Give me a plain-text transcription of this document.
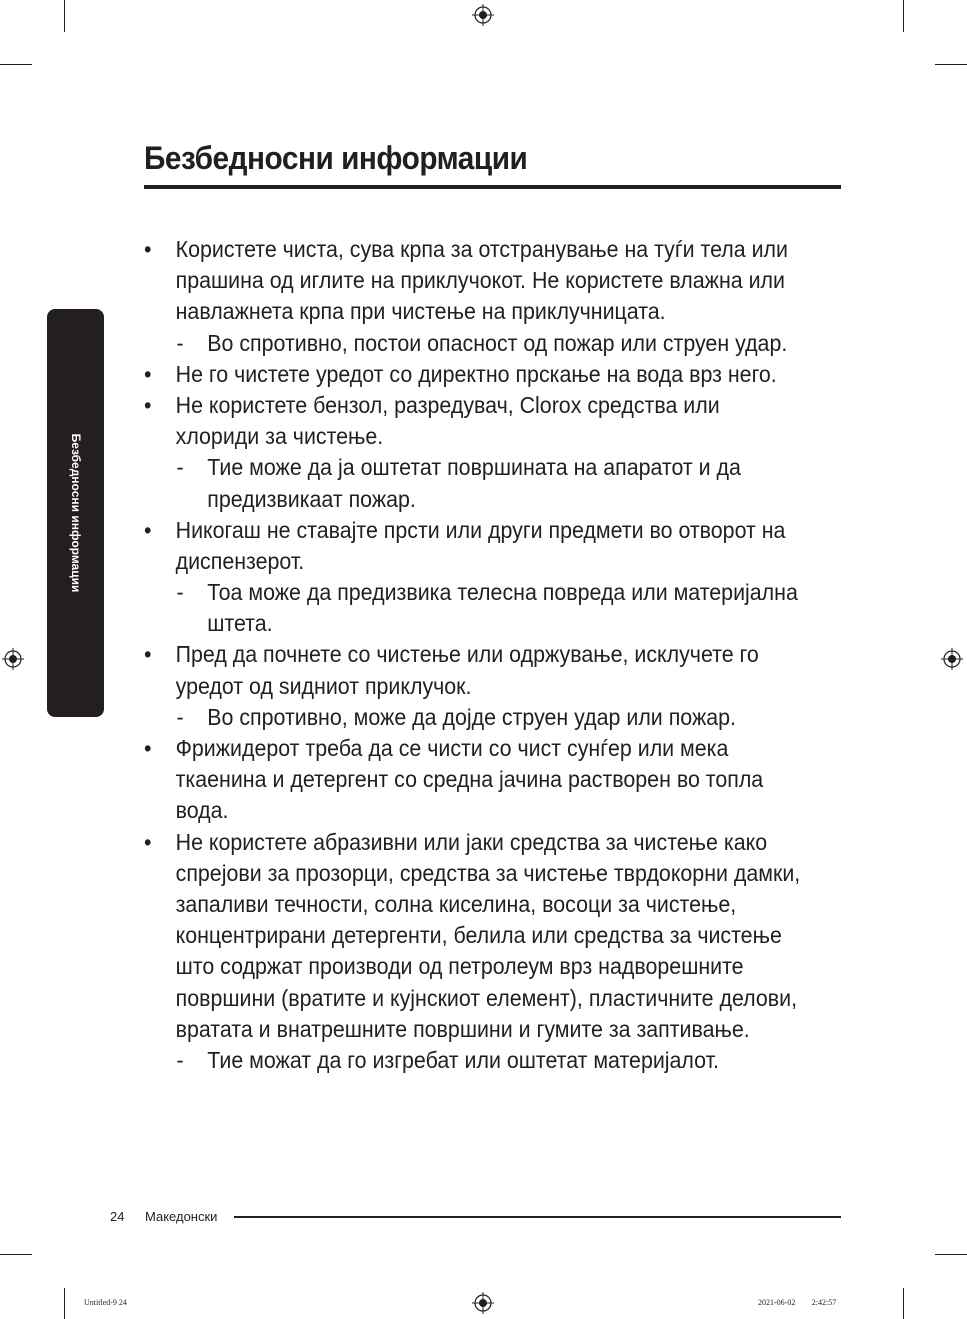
Безбедносни информации
Безбедносни информации
• Користете чиста, сува крпа за отстранување на туѓи тела или
прашина од иглите на приклучокот. Не користете влажна или
навлажнета крпа при чистење на приклучницата.
- Во спротивно, постои опасност од пожар или струен удар.
• Не го чистете уредот со директно прскање на вода врз него.
• Не користете бензол, разредувач, Clorox средства или
хлориди за чистење.
- Тие може да ја оштетат површината на апаратот и да
предизвикаат пожар.
• Никогаш не ставајте прсти или други предмети во отворот на
диспензерот.
- Тоа може да предизвика телесна повреда или материјална
штета.
• Пред да почнете со чистење или одржување, исклучете го
уредот од ѕидниот приклучок.
- Во спротивно, може да дојде струен удар или пожар.
• Фрижидерот треба да се чисти со чист сунѓер или мека
ткаенина и детергент со средна јачина растворен во топла
вода.
• Не користете абразивни или јаки средства за чистење како
спрејови за прозорци, средства за чистење тврдокорни дамки,
запаливи течности, солна киселина, восоци за чистење,
концентрирани детергенти, белила или средства за чистење
што содржат производи од петролеум врз надворешните
површини (вратите и кујнскиот елемент), пластичните делови,
вратата и внатрешните површини и гумите за заптивање.
- Тие можат да го изгребат или оштетат материјалот.
24 Македонски
Untitled-9 24	2021-06-02 ￿￿ 2:42:57
